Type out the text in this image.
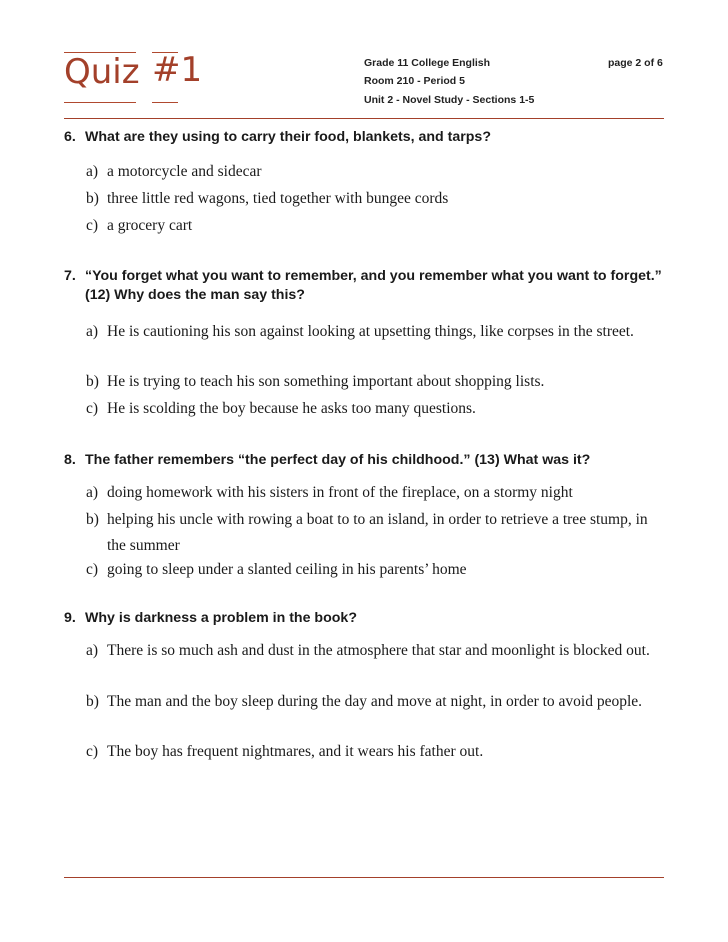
Quiz #1	Grade 11 College English
Room 210 - Period 5
Unit 2 - Novel Study - Sections 1-5
page 2 of 6
6. What are they using to carry their food, blankets, and tarps?
a) a motorcycle and sidecar
b) three little red wagons, tied together with bungee cords
c) a grocery cart
7. “You forget what you want to remember, and you remember what you want to forget.” (12) Why does the man say this?
a) He is cautioning his son against looking at upsetting things, like corpses in the street.
b) He is trying to teach his son something important about shopping lists.
c) He is scolding the boy because he asks too many questions.
8. The father remembers “the perfect day of his childhood.” (13) What was it?
a) doing homework with his sisters in front of the fireplace, on a stormy night
b) helping his uncle with rowing a boat to to an island, in order to retrieve a tree stump, in the summer
c) going to sleep under a slanted ceiling in his parents’ home
9. Why is darkness a problem in the book?
a) There is so much ash and dust in the atmosphere that star and moonlight is blocked out.
b) The man and the boy sleep during the day and move at night, in order to avoid people.
c) The boy has frequent nightmares, and it wears his father out.
